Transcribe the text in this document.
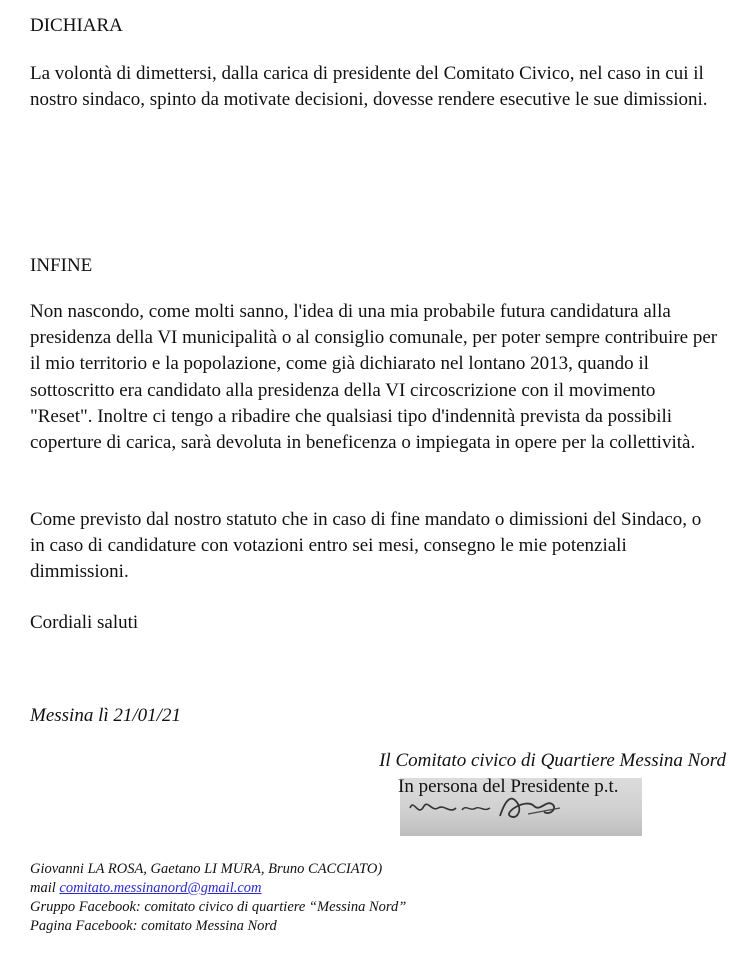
DICHIARA

La volontà di dimettersi, dalla carica di presidente del Comitato Civico, nel caso in cui il nostro sindaco, spinto da motivate decisioni, dovesse rendere esecutive le sue dimissioni.

INFINE

Non nascondo, come molti sanno, l'idea di una mia probabile futura candidatura alla presidenza della VI municipalità o al consiglio comunale, per poter sempre contribuire per il mio territorio e la popolazione, come già dichiarato nel lontano 2013, quando il sottoscritto era candidato alla presidenza della VI circoscrizione con il movimento "Reset". Inoltre ci tengo a ribadire che qualsiasi tipo d'indennità prevista da possibili coperture di carica, sarà devoluta in beneficenza o impiegata in opere per la collettività.

Come previsto dal nostro statuto che in caso di fine mandato o dimissioni del Sindaco, o in caso di candidature con votazioni entro sei mesi, consegno le mie potenziali dimmissioni.

Cordiali saluti

Messina lì 21/01/21

Il Comitato civico di Quartiere Messina Nord
In persona del Presidente p.t.
Giovanni LA ROSA, Gaetano LI MURA, Bruno CACCIATO)
mail comitato.messinanord@gmail.com
Gruppo Facebook: comitato civico di quartiere “Messina Nord”
Pagina Facebook: comitato Messina Nord
